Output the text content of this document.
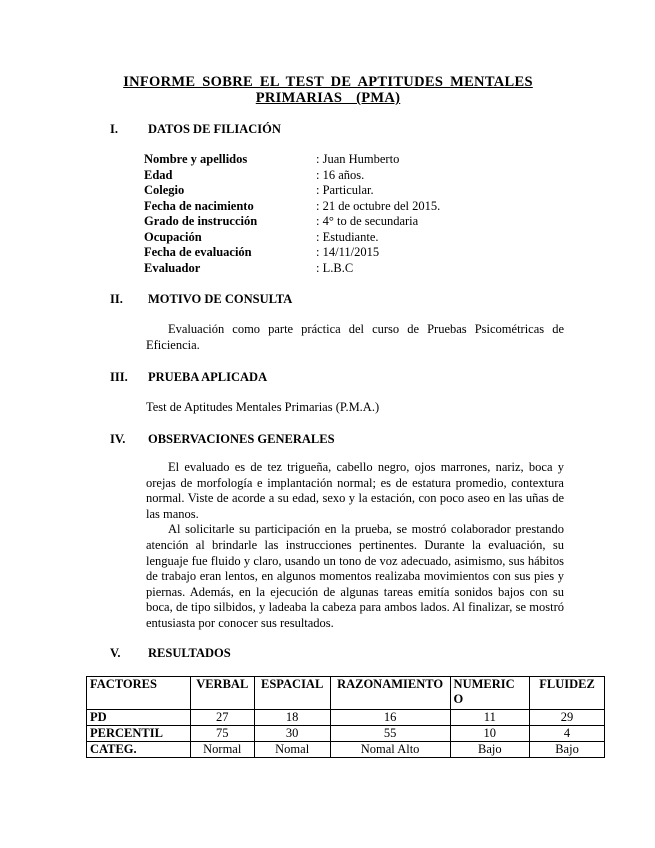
INFORME SOBRE EL TEST DE APTITUDES MENTALES
PRIMARIAS  (PMA)
I.	DATOS DE FILIACIÓN
Nombre y apellidos	: Juan Humberto
Edad	: 16 años.
Colegio	: Particular.
Fecha de nacimiento	: 21 de octubre del 2015.
Grado de instrucción	: 4° to de secundaria
Ocupación	: Estudiante.
Fecha de evaluación	: 14/11/2015
Evaluador	: L.B.C
II.	MOTIVO DE CONSULTA
Evaluación como parte práctica del curso de Pruebas Psicométricas de Eficiencia.
III.	PRUEBA APLICADA
Test de Aptitudes Mentales Primarias (P.M.A.)
IV.	OBSERVACIONES GENERALES

El evaluado es de tez trigueña, cabello negro, ojos marrones, nariz, boca y orejas de morfología e implantación normal; es de estatura promedio, contextura normal. Viste de acorde a su edad, sexo y la estación, con poco aseo en las uñas de las manos.

Al solicitarle su participación en la prueba, se mostró colaborador prestando atención al brindarle las instrucciones pertinentes. Durante la evaluación, su lenguaje fue fluido y claro, usando un tono de voz adecuado, asimismo, sus hábitos de trabajo eran lentos, en algunos momentos realizaba movimientos con sus pies y piernas. Además, en la ejecución de algunas tareas emitía sonidos bajos con su boca, de tipo silbidos, y ladeaba la cabeza para ambos lados. Al finalizar, se mostró entusiasta por conocer sus resultados.

V.	RESULTADOS
FACTORES	VERBAL	ESPACIAL	RAZONAMIENTO	NUMERIC O	FLUIDEZ
PD	27	18	16	11	29
PERCENTIL	75	30	55	10	4
CATEG.	Normal	Nomal	Nomal Alto	Bajo	Bajo
